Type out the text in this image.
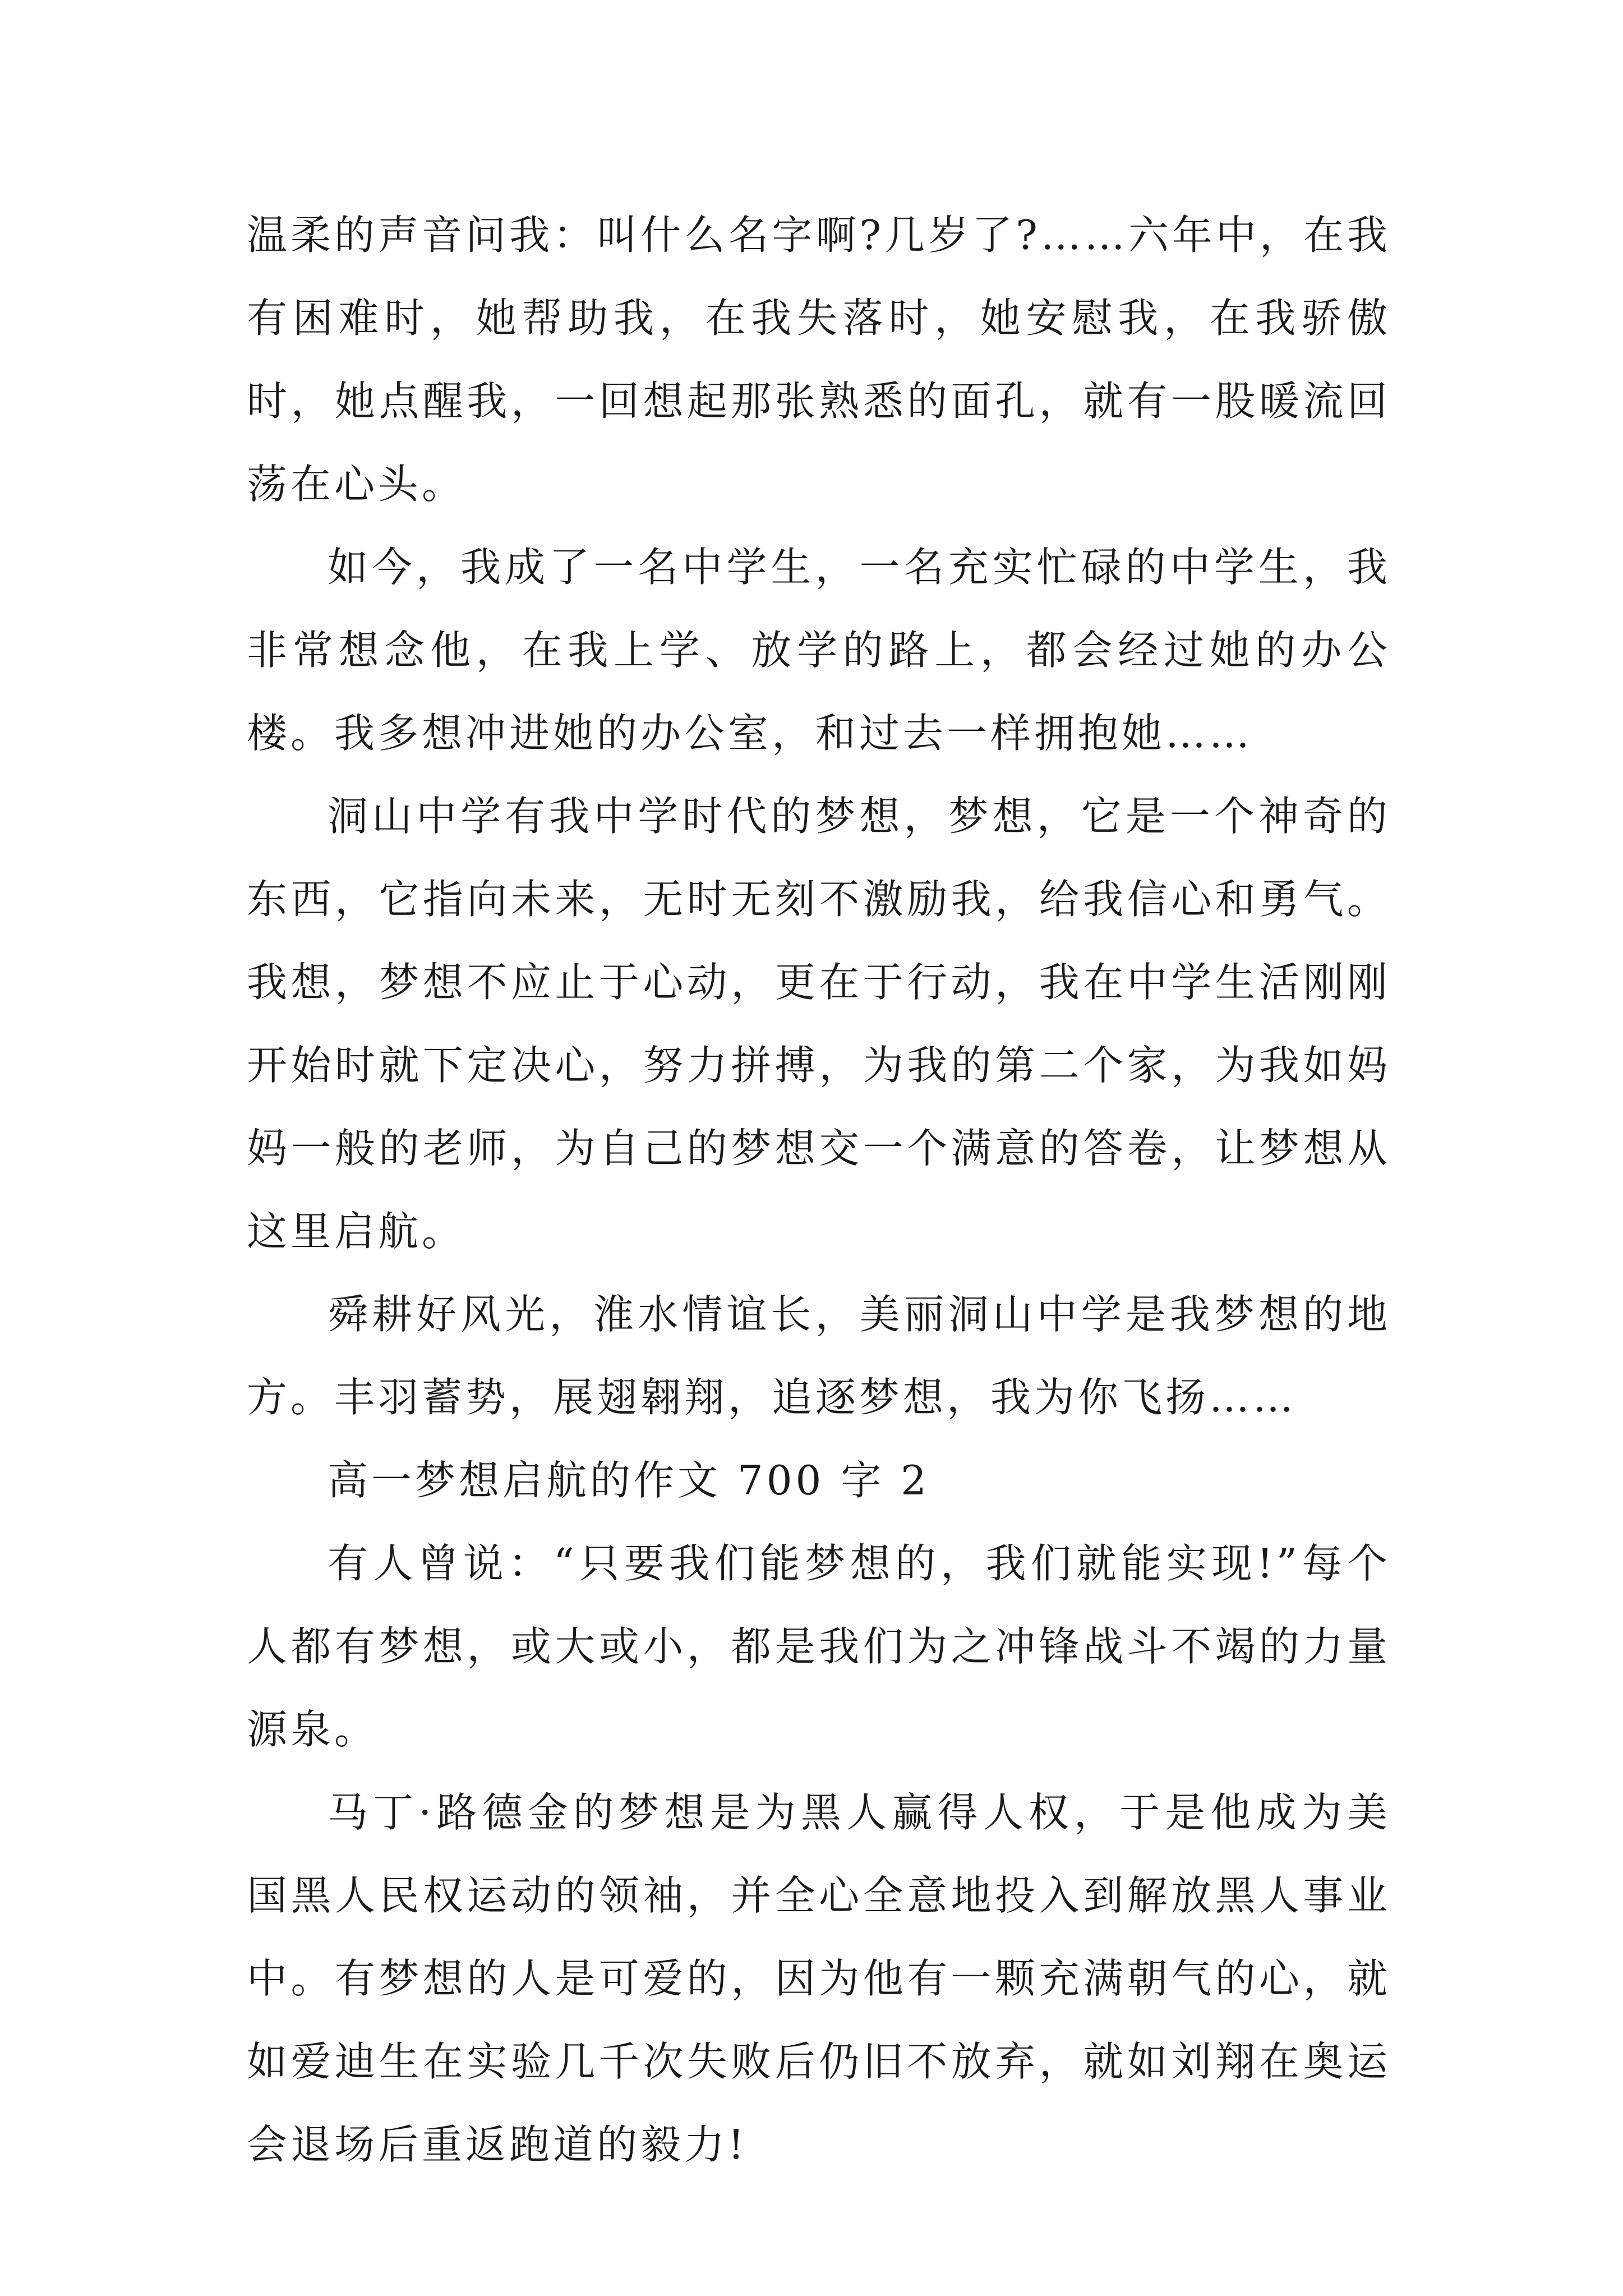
温柔的声音问我：叫什么名字啊?几岁了?……六年中，在我有困难时，她帮助我，在我失落时，她安慰我，在我骄傲时，她点醒我，一回想起那张熟悉的面孔，就有一股暖流回荡在心头。

如今，我成了一名中学生，一名充实忙碌的中学生，我非常想念他，在我上学、放学的路上，都会经过她的办公楼。我多想冲进她的办公室，和过去一样拥抱她……

洞山中学有我中学时代的梦想，梦想，它是一个神奇的东西，它指向未来，无时无刻不激励我，给我信心和勇气。我想，梦想不应止于心动，更在于行动，我在中学生活刚刚开始时就下定决心，努力拼搏，为我的第二个家，为我如妈妈一般的老师，为自己的梦想交一个满意的答卷，让梦想从这里启航。

舜耕好风光，淮水情谊长，美丽洞山中学是我梦想的地方。丰羽蓄势，展翅翱翔，追逐梦想，我为你飞扬……

高一梦想启航的作文 700 字 2

有人曾说：“只要我们能梦想的，我们就能实现!”每个人都有梦想，或大或小，都是我们为之冲锋战斗不竭的力量源泉。

马丁·路德金的梦想是为黑人赢得人权，于是他成为美国黑人民权运动的领袖，并全心全意地投入到解放黑人事业中。有梦想的人是可爱的，因为他有一颗充满朝气的心，就如爱迪生在实验几千次失败后仍旧不放弃，就如刘翔在奥运会退场后重返跑道的毅力!
